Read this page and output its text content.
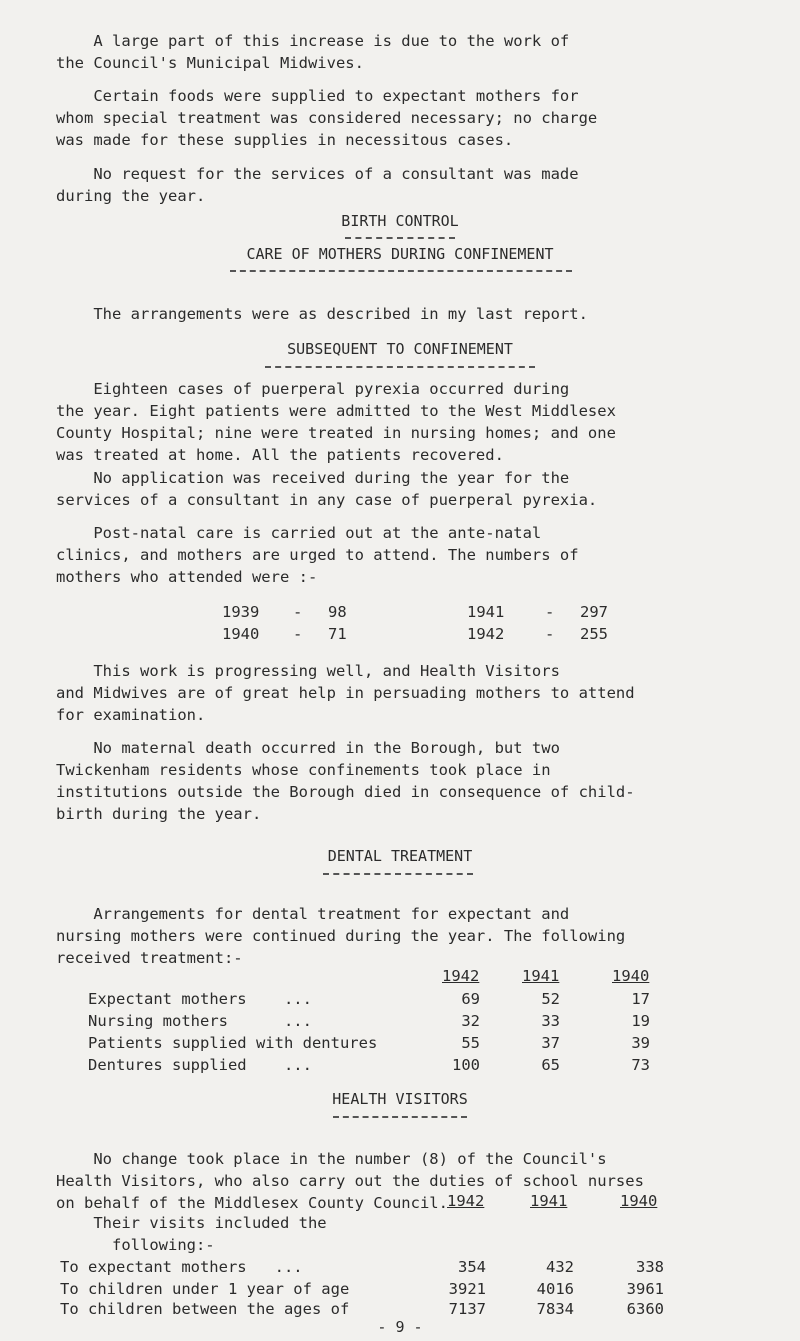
A large part of this increase is due to the work of
the Council's Municipal Midwives.
Certain foods were supplied to expectant mothers for
whom special treatment was considered necessary; no charge
was made for these supplies in necessitous cases.
No request for the services of a consultant was made
during the year.
BIRTH CONTROL
CARE OF MOTHERS DURING CONFINEMENT
The arrangements were as described in my last report.
SUBSEQUENT TO CONFINEMENT
Eighteen cases of puerperal pyrexia occurred during
the year. Eight patients were admitted to the West Middlesex
County Hospital; nine were treated in nursing homes; and one
was treated at home. All the patients recovered.
No application was received during the year for the
services of a consultant in any case of puerperal pyrexia.
Post-natal care is carried out at the ante-natal
clinics, and mothers are urged to attend. The numbers of
mothers who attended were :-
1939 - 98
1940 - 71
1941	- 297
1942	- 255
This work is progressing well, and Health Visitors
and Midwives are of great help in persuading mothers to attend
for examination.
No maternal death occurred in the Borough, but two
Twickenham residents whose confinements took place in
institutions outside the Borough died in consequence of child-
birth during the year.
DENTAL TREATMENT
Arrangements for dental treatment for expectant and
nursing mothers were continued during the year. The following
received treatment:-
1942	1941	1940
Expectant mothers    ...	69	52	17
Nursing mothers      ...	32	33	19
Patients supplied with dentures	55	37	39
Dentures supplied    ...	100	65	73
HEALTH VISITORS
No change took place in the number (8) of the Council's
Health Visitors, who also carry out the duties of school nurses
on behalf of the Middlesex County Council. 1942	1941	1940
Their visits included the
following:-
To expectant mothers   ...	354	432	338
To children under 1 year of age	3921	4016	3961
To children between the ages of	7137	7834	6360
- 9 -
